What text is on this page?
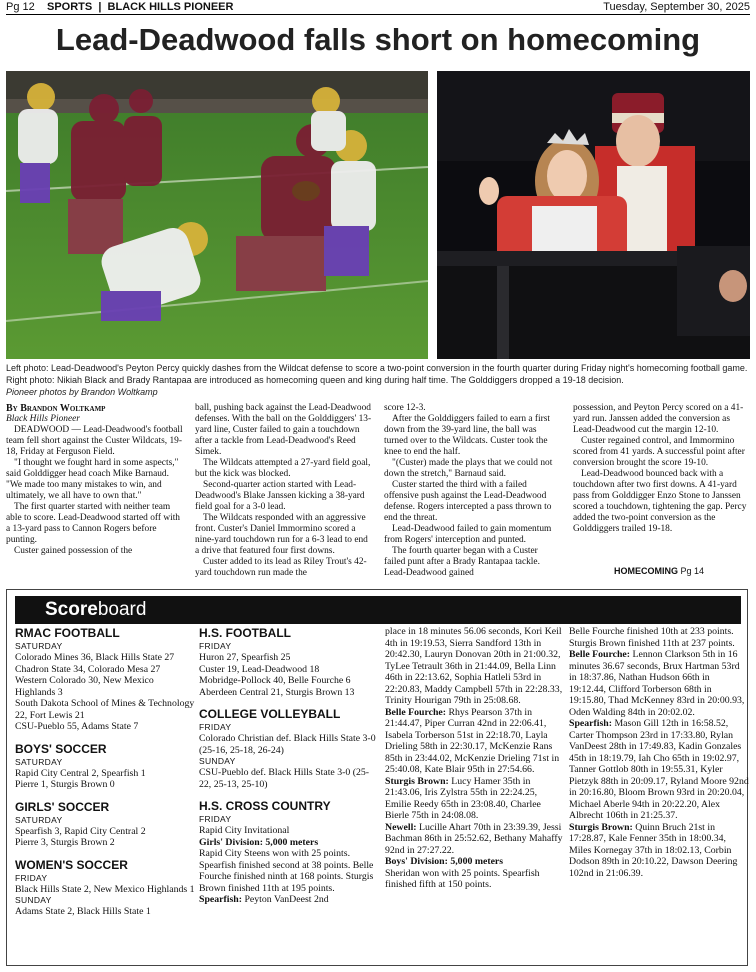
Pg 12 SPORTS | BLACK HILLS PIONEER	Tuesday, September 30, 2025
Lead-Deadwood falls short on homecoming
Left photo: Lead-Deadwood's Peyton Percy quickly dashes from the Wildcat defense to score a two-point conversion in the fourth quarter during Friday night's homecoming football game. Right photo: Nikiah Black and Brady Rantapaa are introduced as homecoming queen and king during half time. The Golddiggers dropped a 19-18 decision.
Pioneer photos by Brandon Woltkamp
By Brandon Woltkamp
Black Hills Pioneer

DEADWOOD — Lead-Deadwood's football team fell short against the Custer Wildcats, 19-18, Friday at Ferguson Field.

"I thought we fought hard in some aspects," said Golddigger head coach Mike Barnaud. "We made too many mistakes to win, and ultimately, we all have to own that."

The first quarter started with neither team able to score. Lead-Deadwood started off with a 13-yard pass to Cannon Rogers before punting.

Custer gained possession of the

ball, pushing back against the Lead-Deadwood defenses. With the ball on the Golddiggers' 13-yard line, Custer failed to gain a touchdown after a tackle from Lead-Deadwood's Reed Simek.

The Wildcats attempted a 27-yard field goal, but the kick was blocked.

Second-quarter action started with Lead-Deadwood's Blake Janssen kicking a 38-yard field goal for a 3-0 lead.

The Wildcats responded with an aggressive front. Custer's Daniel Immormino scored a nine-yard touchdown run for a 6-3 lead to end a drive that featured four first downs.

Custer added to its lead as Riley Trout's 42-yard touchdown run made the

score 12-3.

After the Golddiggers failed to earn a first down from the 39-yard line, the ball was turned over to the Wildcats. Custer took the knee to end the half.

"(Custer) made the plays that we could not down the stretch," Barnaud said.

Custer started the third with a failed offensive push against the Lead-Deadwood defense. Rogers intercepted a pass thrown to end the threat.

Lead-Deadwood failed to gain momentum from Rogers' interception and punted.

The fourth quarter began with a Custer failed punt after a Brady Rantapaa tackle. Lead-Deadwood gained

possession, and Peyton Percy scored on a 41-yard run. Janssen added the conversion as Lead-Deadwood cut the margin 12-10.

Custer regained control, and Immormino scored from 41 yards. A successful point after conversion brought the score 19-10.

Lead-Deadwood bounced back with a touchdown after two first downs. A 41-yard pass from Golddigger Enzo Stone to Janssen scored a touchdown, tightening the gap. Percy added the two-point conversion as the Golddiggers trailed 19-18.

HOMECOMING Pg 14
Scoreboard
RMAC FOOTBALL
SATURDAY
Colorado Mines 36, Black Hills State 27
Chadron State 34, Colorado Mesa 27
Western Colorado 30, New Mexico Highlands 3
South Dakota School of Mines & Technology 22, Fort Lewis 21
CSU-Pueblo 55, Adams State 7
BOYS' SOCCER
SATURDAY
Rapid City Central 2, Spearfish 1
Pierre 1, Sturgis Brown 0
GIRLS' SOCCER
SATURDAY
Spearfish 3, Rapid City Central 2
Pierre 3, Sturgis Brown 2
WOMEN'S SOCCER
FRIDAY
Black Hills State 2, New Mexico Highlands 1
SUNDAY
Adams State 2, Black Hills State 1
H.S. FOOTBALL
FRIDAY
Huron 27, Spearfish 25
Custer 19, Lead-Deadwood 18
Mobridge-Pollock 40, Belle Fourche 6
Aberdeen Central 21, Sturgis Brown 13
COLLEGE VOLLEYBALL
FRIDAY
Colorado Christian def. Black Hills State 3-0 (25-16, 25-18, 26-24)
SUNDAY
CSU-Pueblo def. Black Hills State 3-0 (25-22, 25-13, 25-10)
H.S. CROSS COUNTRY
FRIDAY
Rapid City Invitational
Girls' Division: 5,000 meters
Rapid City Steens won with 25 points. Spearfish finished second at 38 points. Belle Fourche finished ninth at 168 points. Sturgis Brown finished 11th at 195 points.
Spearfish: Peyton VanDeest 2nd
place in 18 minutes 56.06 seconds, Kori Keil 4th in 19:19.53, Sierra Sandford 13th in 20:42.30, Lauryn Donovan 20th in 21:00.32, TyLee Tetrault 36th in 21:44.09, Bella Linn 46th in 22:13.62, Sophia Hatleli 53rd in 22:20.83, Maddy Campbell 57th in 22:28.33, Trinity Hourigan 79th in 25:08.68.
Belle Fourche: Rhys Pearson 37th in 21:44.47, Piper Curran 42nd in 22:06.41, Isabela Torberson 51st in 22:18.70, Layla Drieling 58th in 22:30.17, McKenzie Rans 85th in 23:44.02, McKenzie Drieling 71st in 25:40.08, Kate Blair 95th in 27:54.66.
Sturgis Brown: Lucy Hamer 35th in 21:43.06, Iris Zylstra 55th in 22:24.25, Emilie Reedy 65th in 23:08.40, Charlee Bierle 75th in 24:08.08.
Newell: Lucille Ahart 70th in 23:39.39, Jessi Bachman 86th in 25:52.62, Bethany Mahaffy 92nd in 27:27.22.
Boys' Division: 5,000 meters
Sheridan won with 25 points. Spearfish finished fifth at 150 points.
Belle Fourche finished 10th at 233 points. Sturgis Brown finished 11th at 237 points.
Belle Fourche: Lennon Clarkson 5th in 16 minutes 36.67 seconds, Brux Hartman 53rd in 18:37.86, Nathan Hudson 66th in 19:12.44, Clifford Torberson 68th in 19:15.80, Thad McKenney 83rd in 20:00.93, Oden Walding 84th in 20:02.02.
Spearfish: Mason Gill 12th in 16:58.52, Carter Thompson 23rd in 17:33.80, Rylan VanDeest 28th in 17:49.83, Kadin Gonzales 45th in 18:19.79, Iah Cho 65th in 19:02.97, Tanner Gottlob 80th in 19:55.31, Kyler Pietzyk 88th in 20:09.17, Ryland Moore 92nd in 20:16.80, Bloom Brown 93rd in 20:20.04, Michael Aberle 94th in 20:22.20, Alex Albrecht 106th in 21:25.37.
Sturgis Brown: Quinn Bruch 21st in 17:28.87, Kale Fenner 35th in 18:00.34, Miles Kornegay 37th in 18:02.13, Corbin Dodson 89th in 20:10.22, Dawson Deering 102nd in 21:06.39.
